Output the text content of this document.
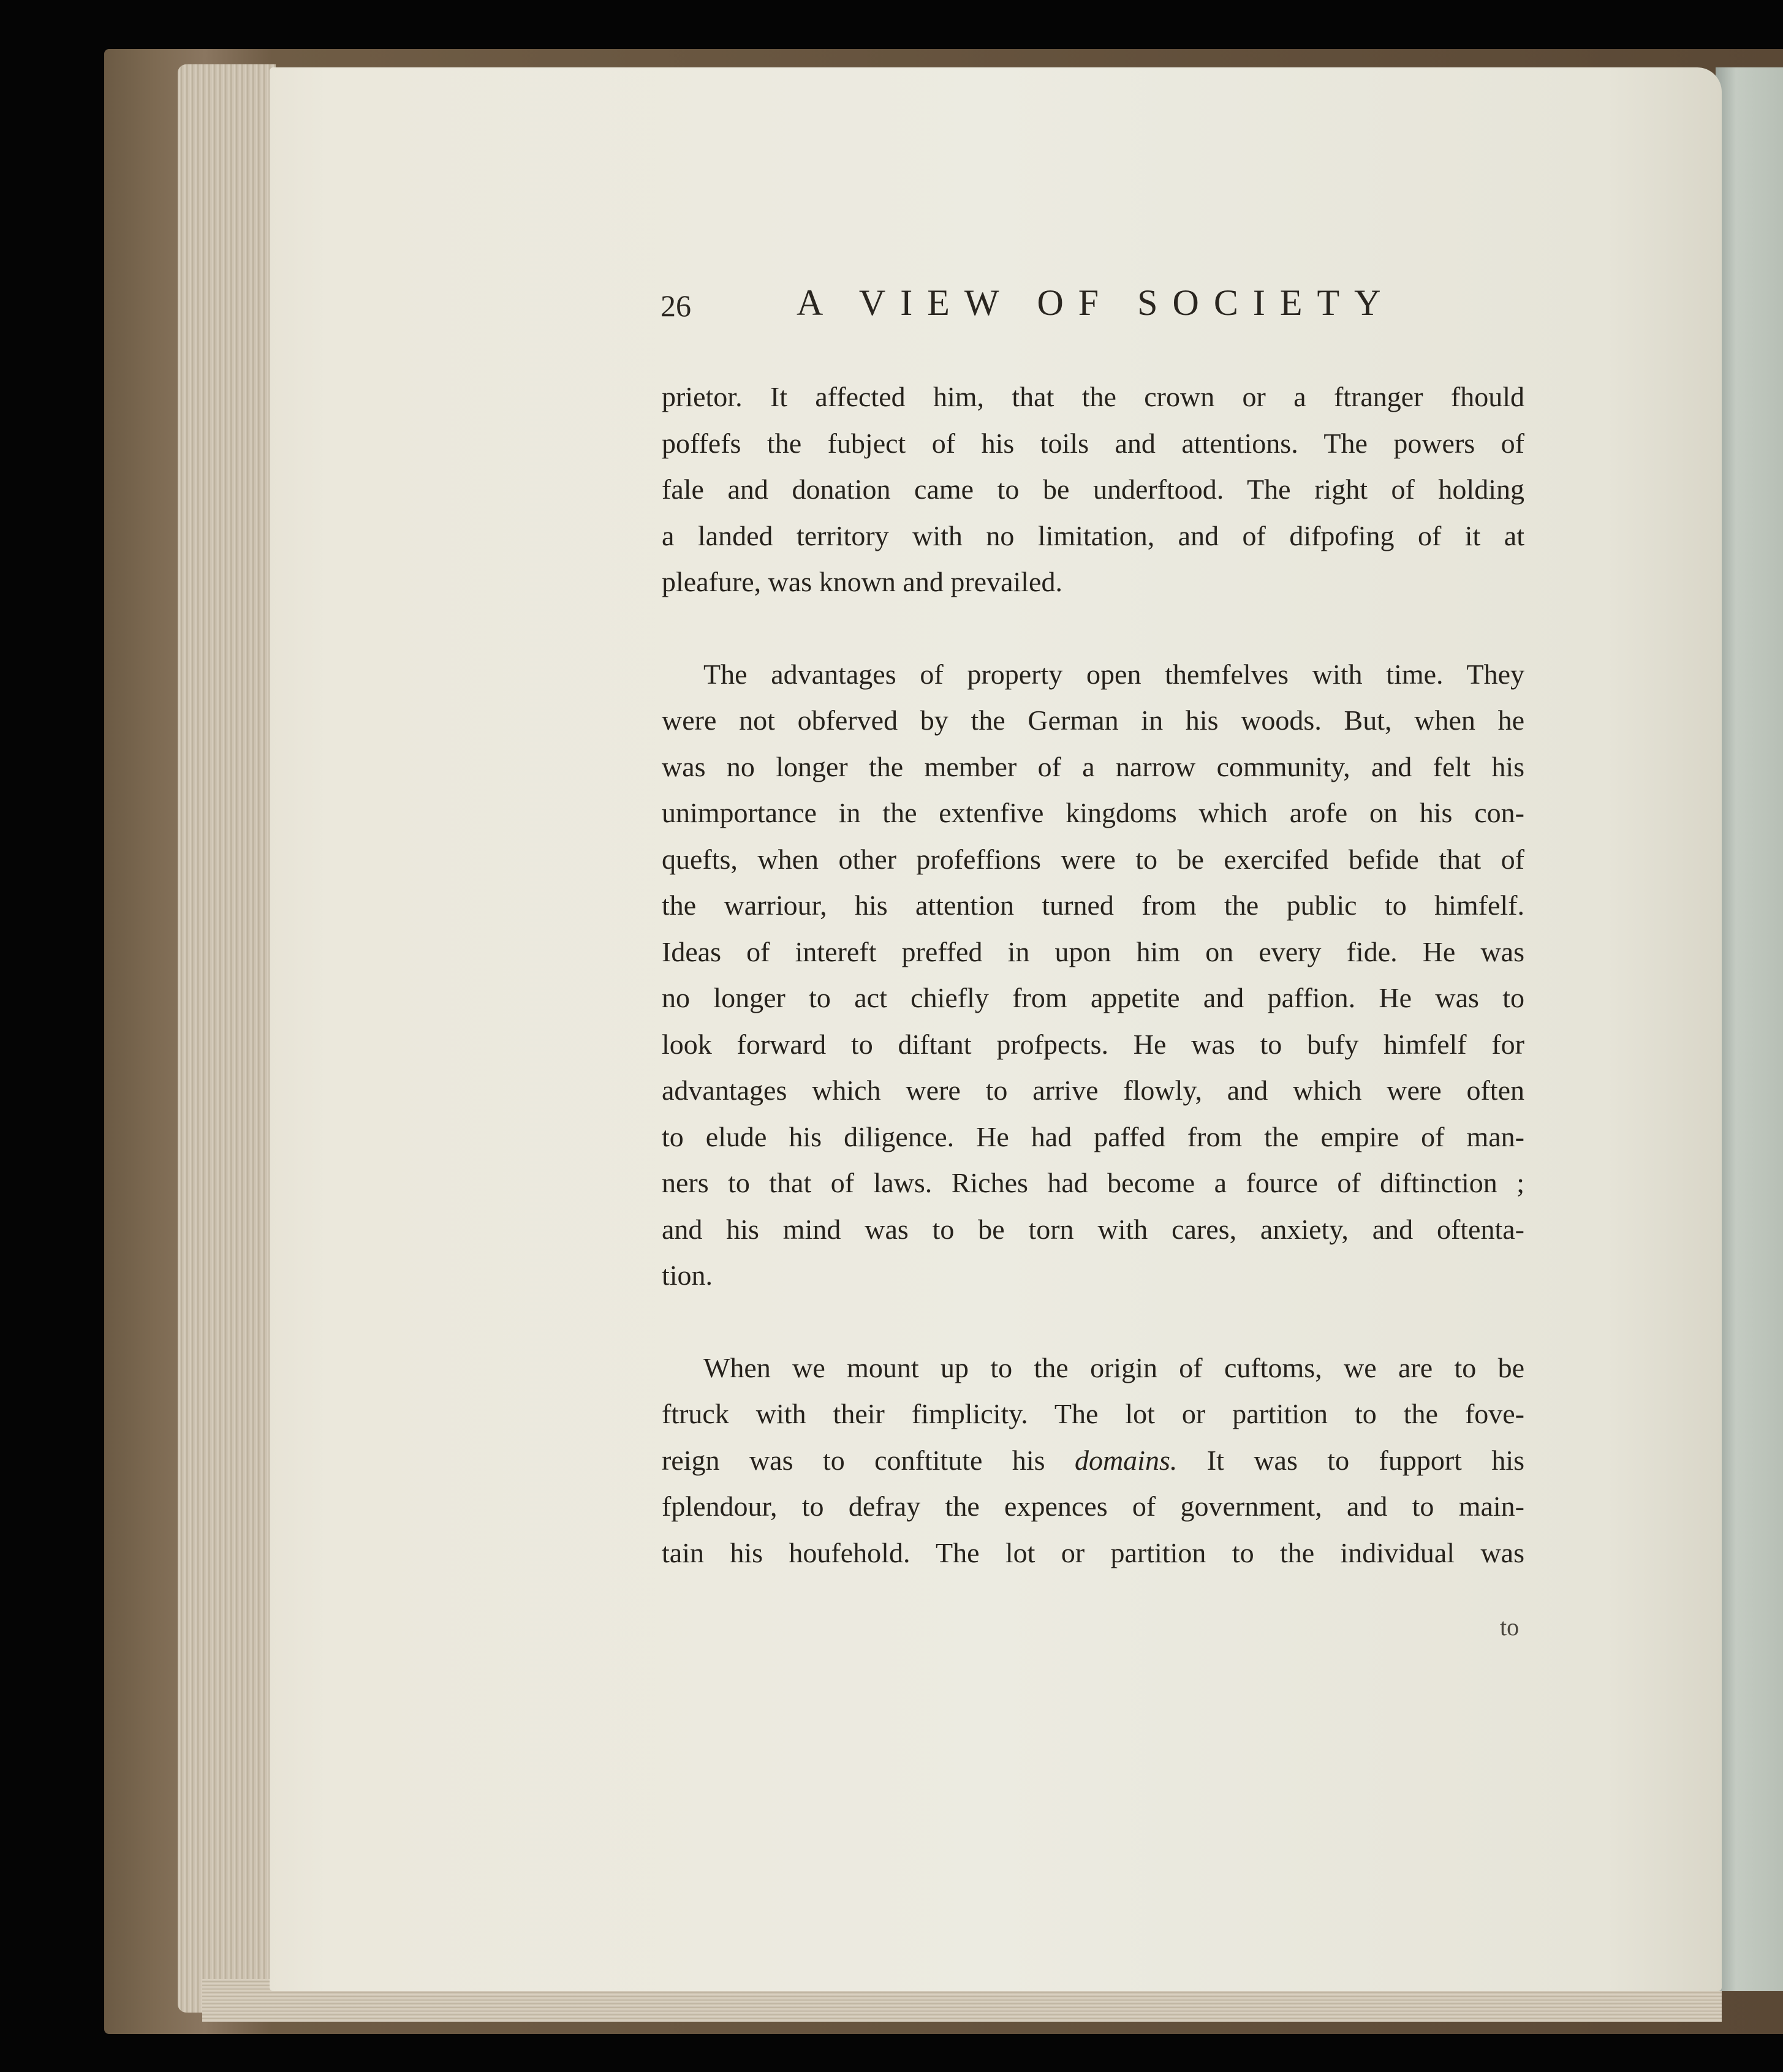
26	A VIEW OF SOCIETY
prietor. It affected him, that the crown or a ftranger fhould
poffefs the fubject of his toils and attentions. The powers of
fale and donation came to be underftood. The right of holding
a landed territory with no limitation, and of difpofing of it at
pleafure, was known and prevailed.
The advantages of property open themfelves with time. They
were not obferved by the German in his woods. But, when he
was no longer the member of a narrow community, and felt his
unimportance in the extenfive kingdoms which arofe on his con-
quefts, when other profeffions were to be exercifed befide that of
the warriour, his attention turned from the public to himfelf.
Ideas of intereft preffed in upon him on every fide. He was
no longer to act chiefly from appetite and paffion. He was to
look forward to diftant profpects. He was to bufy himfelf for
advantages which were to arrive flowly, and which were often
to elude his diligence. He had paffed from the empire of man-
ners to that of laws. Riches had become a fource of diftinction ;
and his mind was to be torn with cares, anxiety, and oftenta-
tion.
When we mount up to the origin of cuftoms, we are to be
ftruck with their fimplicity. The lot or partition to the fove-
reign was to conftitute his domains. It was to fupport his
fplendour, to defray the expences of government, and to main-
tain his houfehold. The lot or partition to the individual was
to
